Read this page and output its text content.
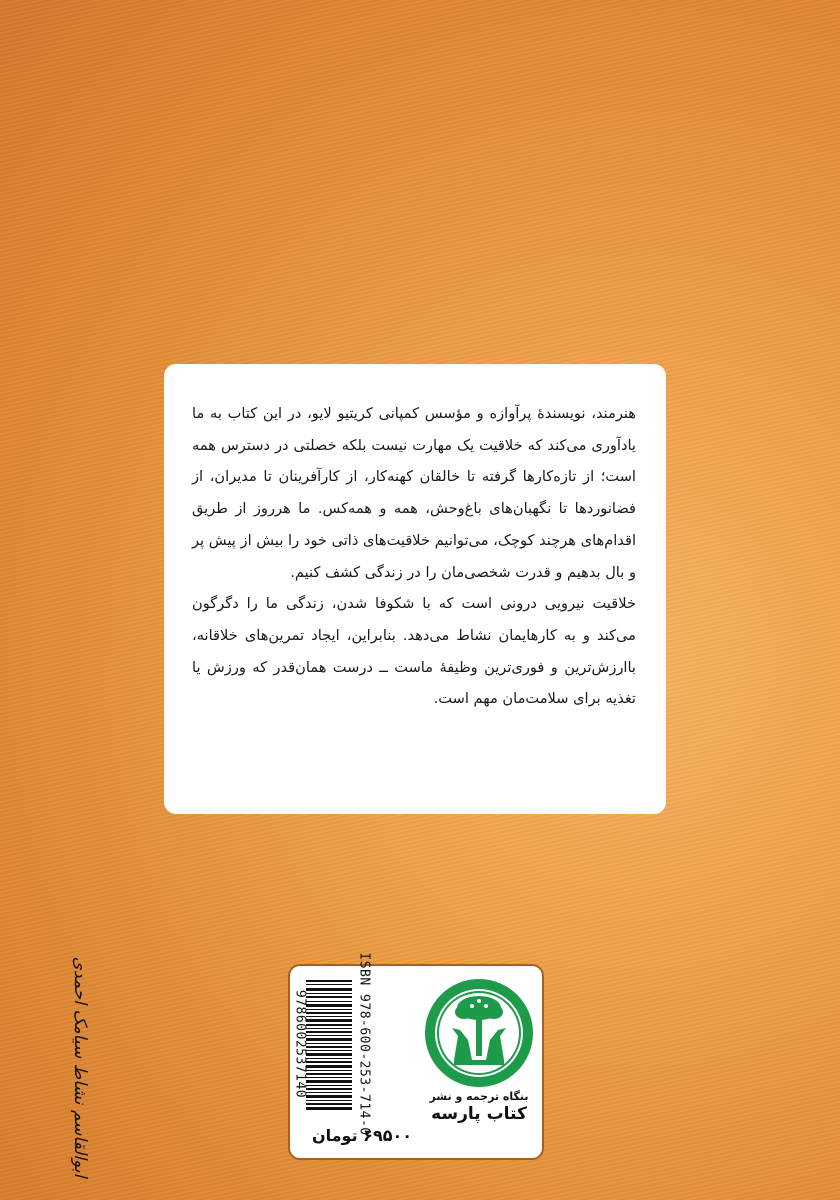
هنرمند، نویسندهٔ پرآوازه و مؤسس کمپانی کریتیو لایو، در این کتاب به ما یادآوری می‌کند که خلاقیت یک مهارت نیست بلکه خصلتی در دسترس همه است؛ از تازه‌کارها گرفته تا خالقان کهنه‌کار، از کارآفرینان تا مدیران، از فضانوردها تا نگهبان‌های باغ‌وحش، همه و همه‌کس. ما هرروز از طریق اقدام‌های هرچند کوچک، می‌توانیم خلاقیت‌های ذاتی خود را بیش از پیش پر و بال بدهیم و قدرت شخصی‌مان را در زندگی کشف کنیم.

خلاقیت نیرویی درونی است که با شکوفا شدن، زندگی ما را دگرگون می‌کند و به کارهایمان نشاط می‌دهد. بنابراین، ایجاد تمرین‌های خلاقانه، باارزش‌ترین و فوری‌ترین وظیفهٔ ماست ــ درست همان‌قدر که ورزش یا تغذیه برای سلامت‌مان مهم است.

بنگاه ترجمه و نشر
کتاب پارسه
ISBN 978-600-253-714-0
9786002537140
۶۹۵۰۰ تومان
ابوالقاسم نشاط سیامک احمدی
